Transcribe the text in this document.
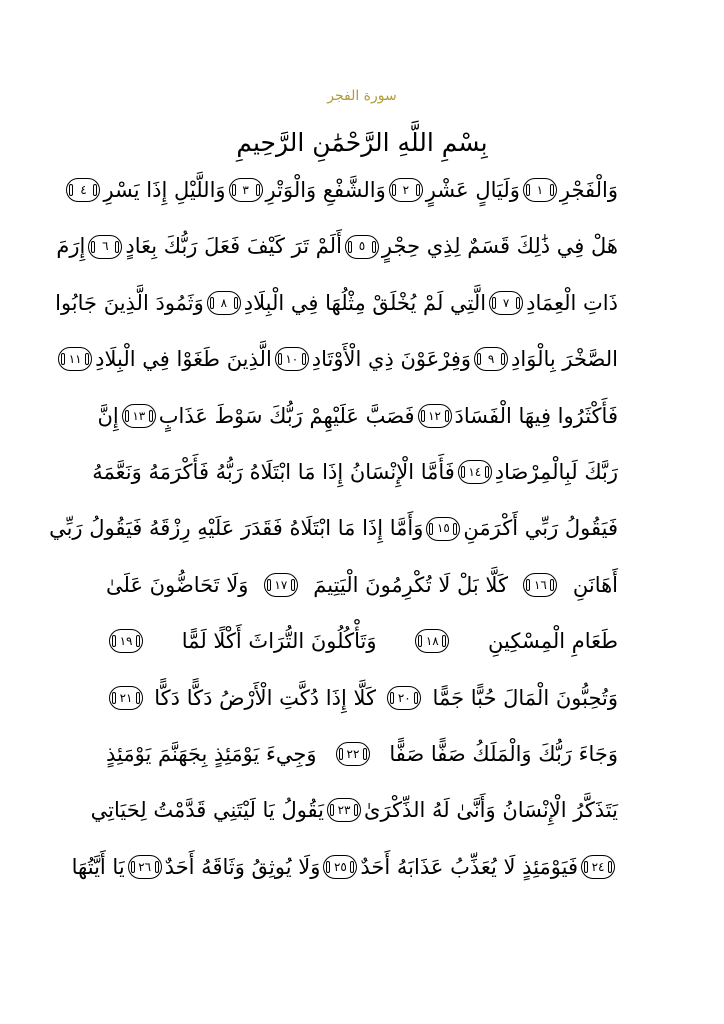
سورة الفجر
بِسْمِ اللَّهِ الرَّحْمَٰنِ الرَّحِيمِ
وَالْفَجْرِ
١
وَلَيَالٍ عَشْرٍ
٢
وَالشَّفْعِ وَالْوَتْرِ
٣
وَاللَّيْلِ إِذَا يَسْرِ
٤
هَلْ فِي ذَٰلِكَ قَسَمٌ لِذِي حِجْرٍ
٥
أَلَمْ تَرَ كَيْفَ فَعَلَ رَبُّكَ بِعَادٍ
٦
إِرَمَ
ذَاتِ الْعِمَادِ
٧
الَّتِي لَمْ يُخْلَقْ مِثْلُهَا فِي الْبِلَادِ
٨
وَثَمُودَ الَّذِينَ جَابُوا
الصَّخْرَ بِالْوَادِ
٩
وَفِرْعَوْنَ ذِي الْأَوْتَادِ
١٠
الَّذِينَ طَغَوْا فِي الْبِلَادِ
١١
فَأَكْثَرُوا فِيهَا الْفَسَادَ
١٢
فَصَبَّ عَلَيْهِمْ رَبُّكَ سَوْطَ عَذَابٍ
١٣
إِنَّ
رَبَّكَ لَبِالْمِرْصَادِ
١٤
فَأَمَّا الْإِنْسَانُ إِذَا مَا ابْتَلَاهُ رَبُّهُ فَأَكْرَمَهُ وَنَعَّمَهُ
فَيَقُولُ رَبِّي أَكْرَمَنِ
١٥
وَأَمَّا إِذَا مَا ابْتَلَاهُ فَقَدَرَ عَلَيْهِ رِزْقَهُ فَيَقُولُ رَبِّي
أَهَانَنِ
١٦
كَلَّا بَلْ لَا تُكْرِمُونَ الْيَتِيمَ
١٧
وَلَا تَحَاضُّونَ عَلَىٰ
طَعَامِ الْمِسْكِينِ
١٨
وَتَأْكُلُونَ التُّرَاثَ أَكْلًا لَمًّا
١٩
وَتُحِبُّونَ الْمَالَ حُبًّا جَمًّا
٢٠
كَلَّا إِذَا دُكَّتِ الْأَرْضُ دَكًّا دَكًّا
٢١
وَجَاءَ رَبُّكَ وَالْمَلَكُ صَفًّا صَفًّا
٢٢
وَجِيءَ يَوْمَئِذٍ بِجَهَنَّمَ يَوْمَئِذٍ
يَتَذَكَّرُ الْإِنْسَانُ وَأَنَّىٰ لَهُ الذِّكْرَىٰ
٢٣
يَقُولُ يَا لَيْتَنِي قَدَّمْتُ لِحَيَاتِي
٢٤
فَيَوْمَئِذٍ لَا يُعَذِّبُ عَذَابَهُ أَحَدٌ
٢٥
وَلَا يُوثِقُ وَثَاقَهُ أَحَدٌ
٢٦
يَا أَيَّتُهَا
